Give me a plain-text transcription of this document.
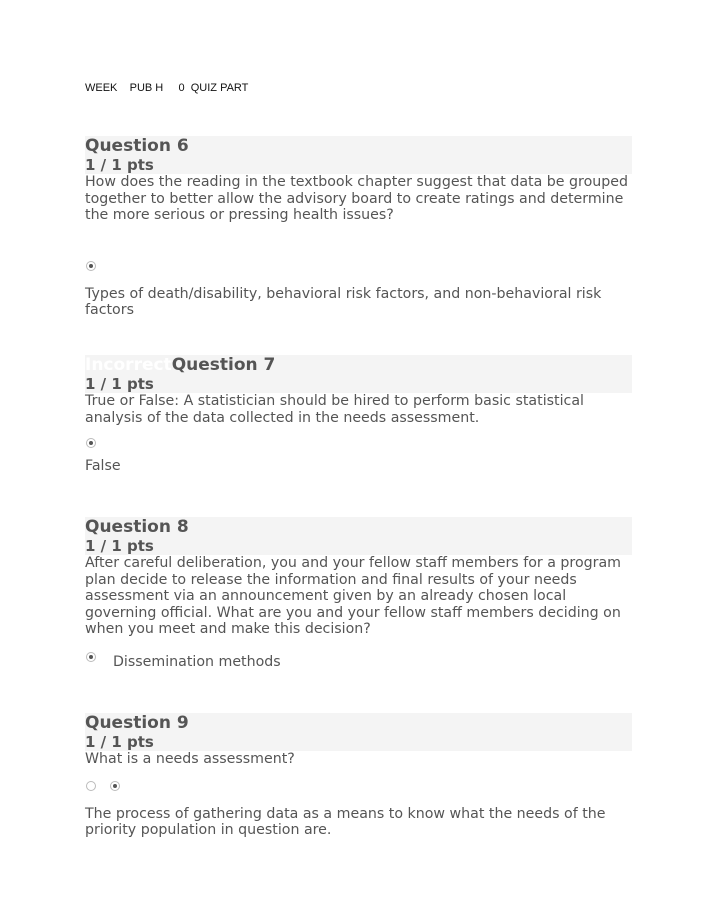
WEEK    PUB H     0  QUIZ PART
Question 6
1 / 1 pts

How does the reading in the textbook chapter suggest that data be grouped together to better allow the advisory board to create ratings and determine the more serious or pressing health issues?

Types of death/disability, behavioral risk factors, and non-behavioral risk factors

IncorrectQuestion 7
1 / 1 pts

True or False: A statistician should be hired to perform basic statistical analysis of the data collected in the needs assessment.

False

Question 8
1 / 1 pts

After careful deliberation, you and your fellow staff members for a program plan decide to release the information and final results of your needs assessment via an announcement given by an already chosen local governing official. What are you and your fellow staff members deciding on when you meet and make this decision?

Dissemination methods
Question 9
1 / 1 pts

What is a needs assessment?

The process of gathering data as a means to know what the needs of the priority population in question are.
